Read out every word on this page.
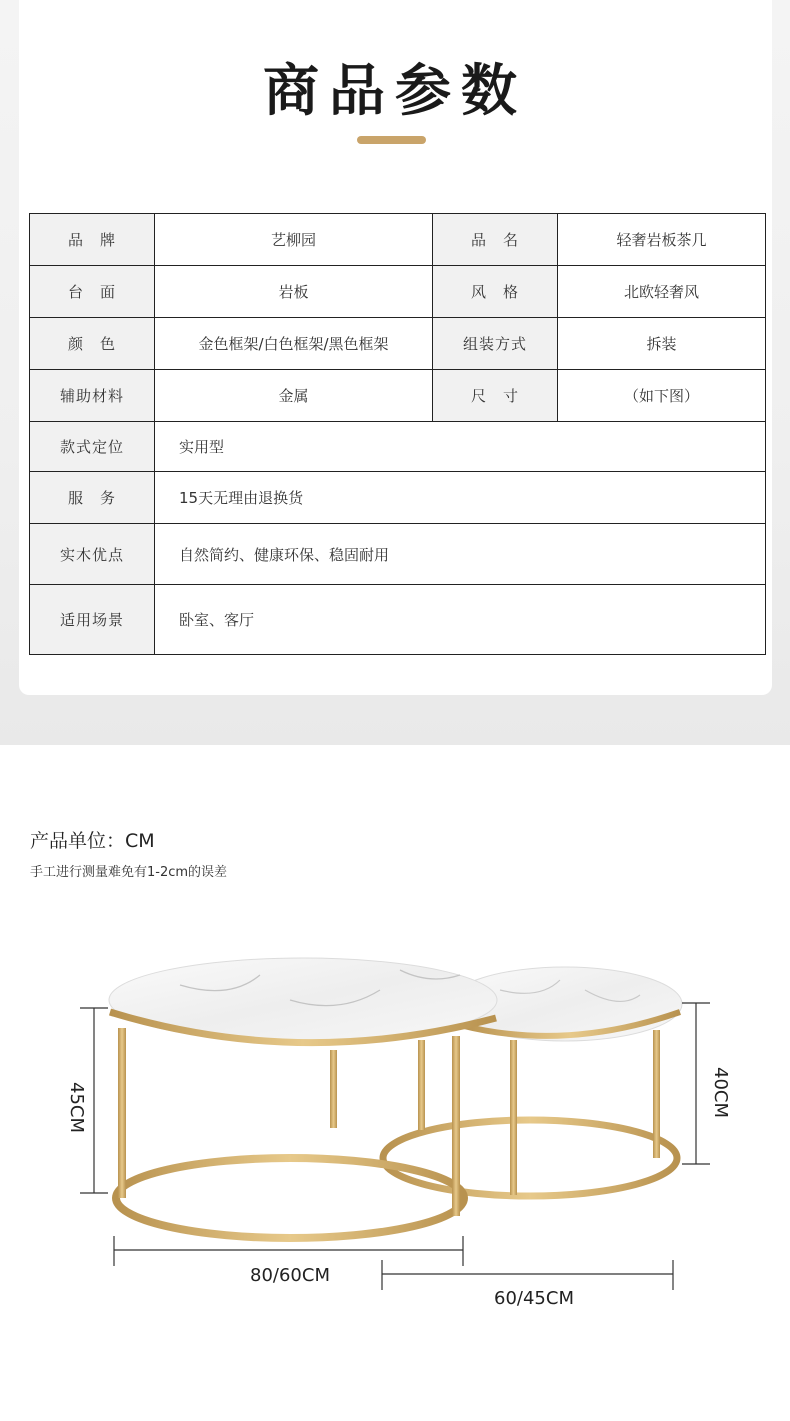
商品参数
品　牌	艺柳园	品　名	轻奢岩板茶几
台　面	岩板	风　格	北欧轻奢风
颜　色	金色框架/白色框架/黑色框架	组装方式	拆装
辅助材料	金属	尺　寸	（如下图）
款式定位	实用型		
服　务	15天无理由退换货		
实木优点	自然简约、健康环保、稳固耐用		
适用场景	卧室、客厅		
产品单位：CM
手工进行测量难免有1-2cm的误差
45CM	40CM
80/60CM
60/45CM
